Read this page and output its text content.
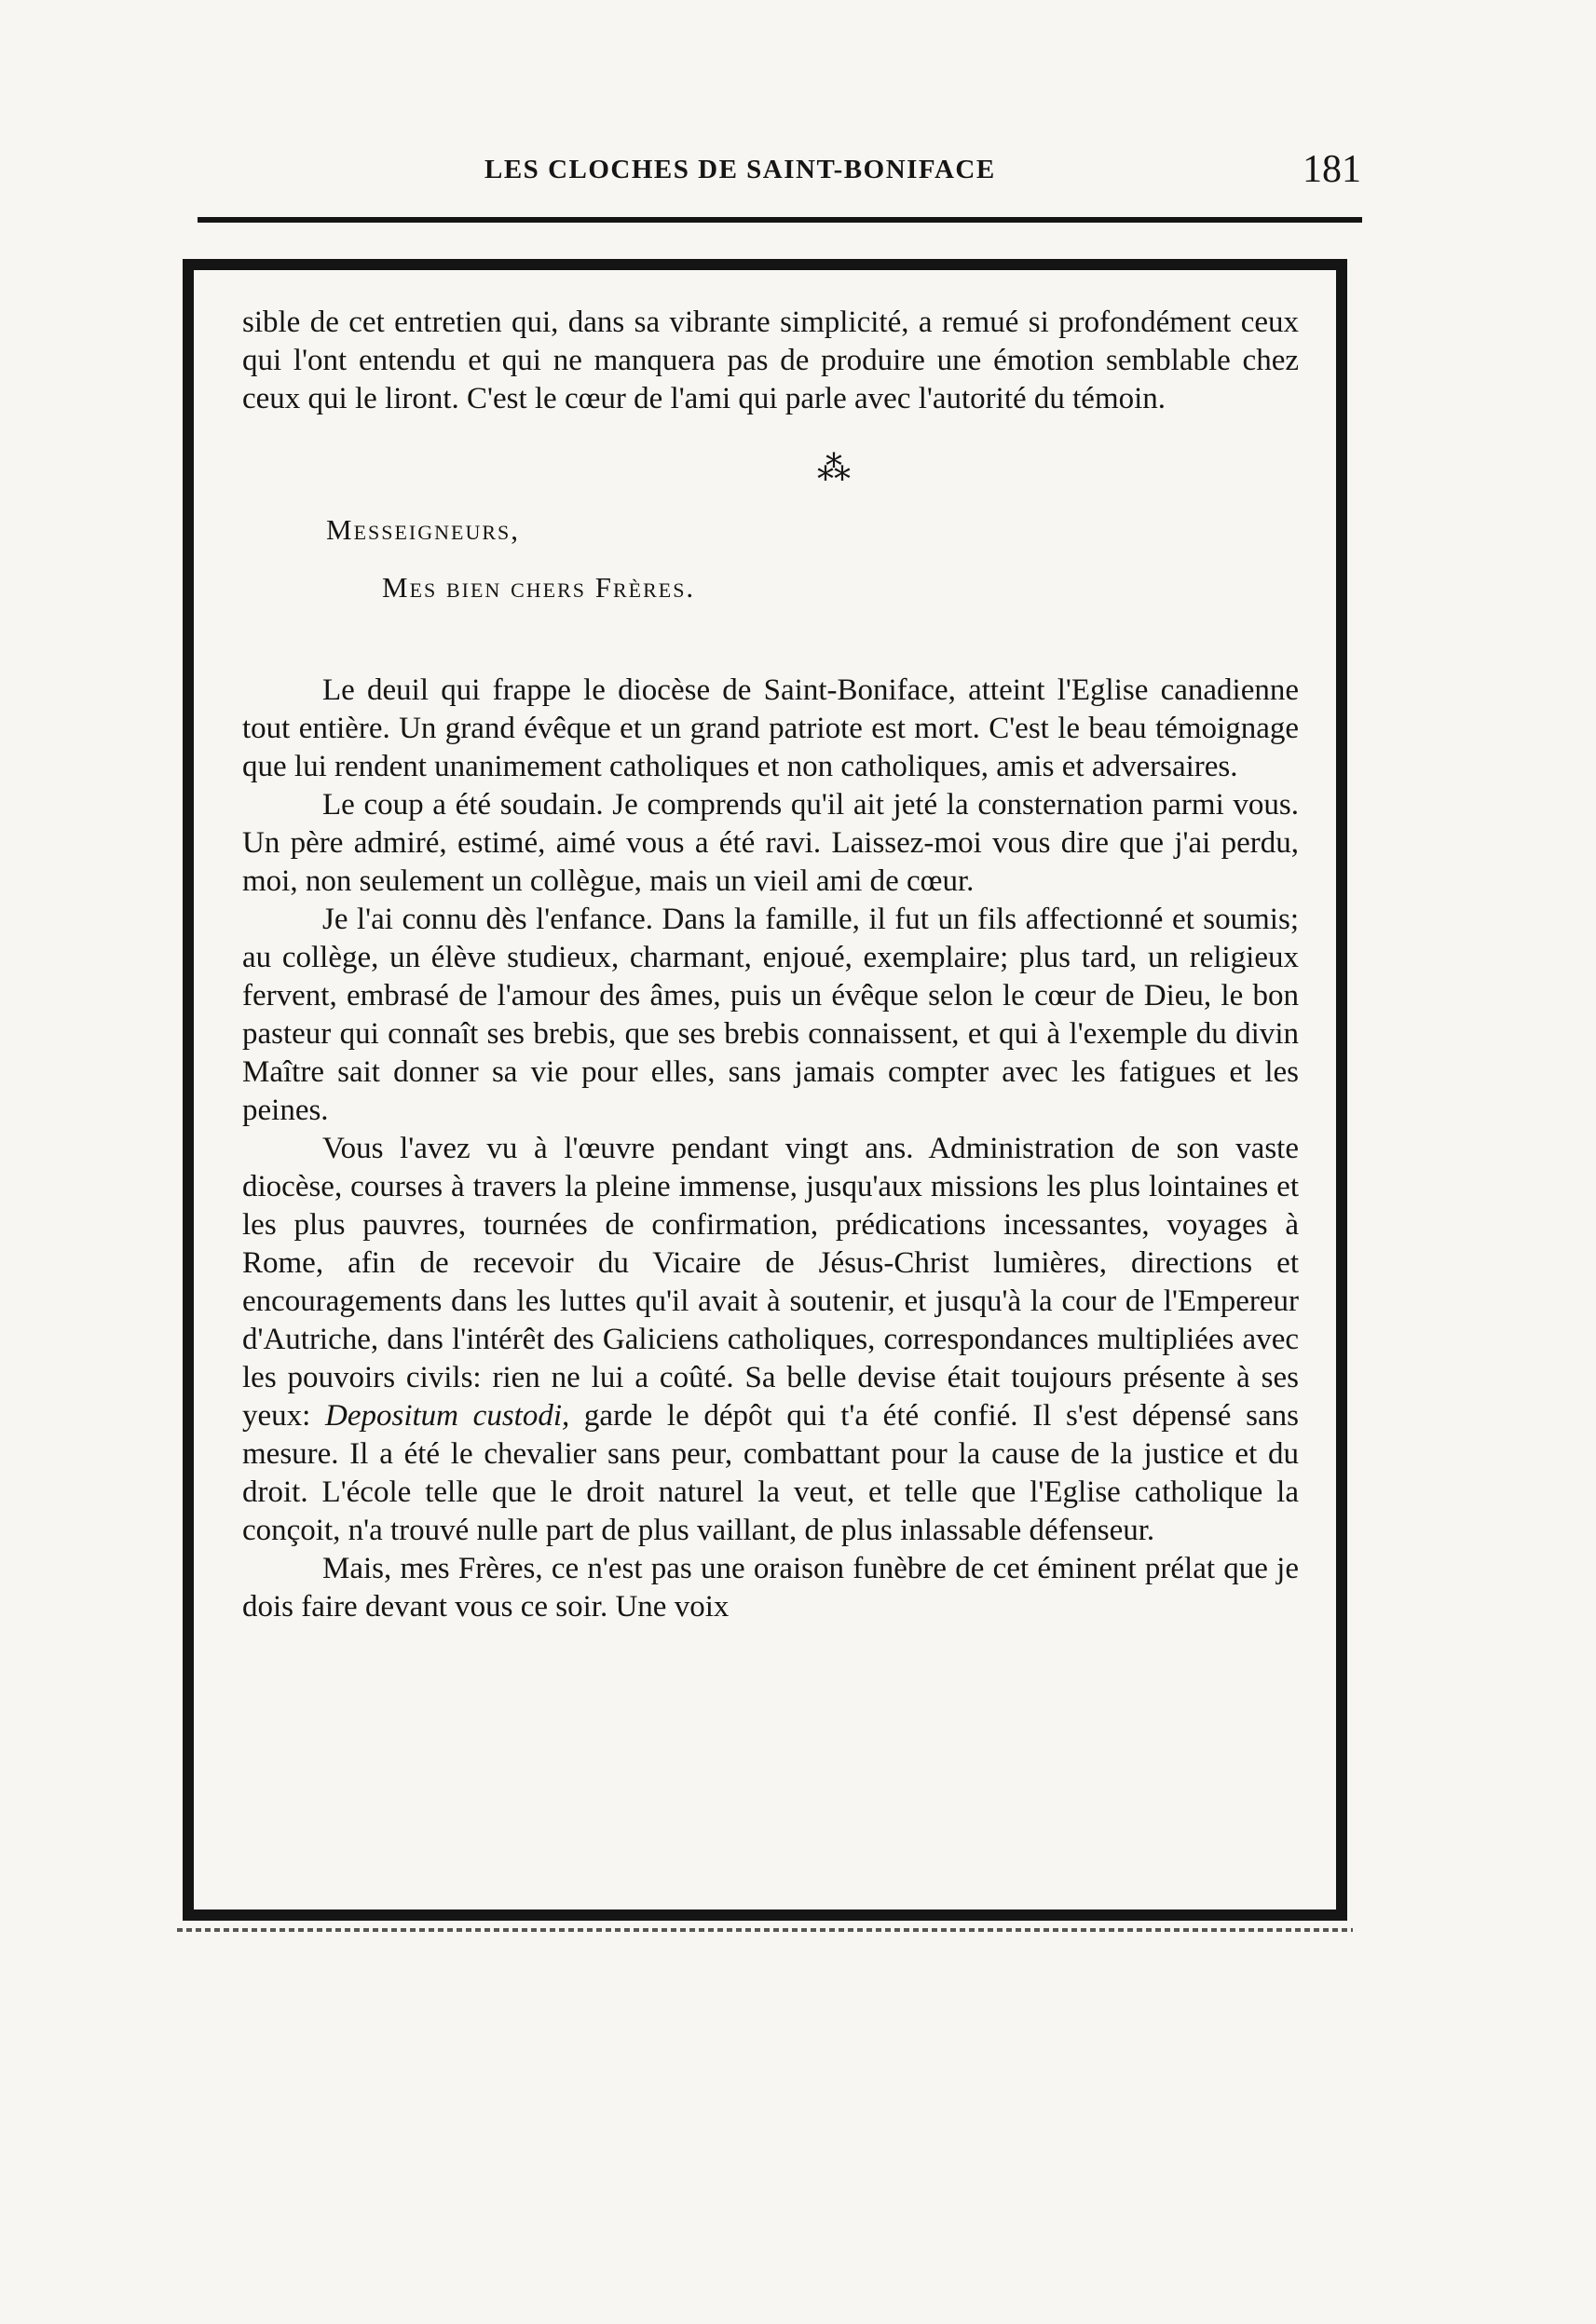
LES CLOCHES DE SAINT-BONIFACE	181

sible de cet entretien qui, dans sa vibrante simplicité, a remué si profondément ceux qui l'ont entendu et qui ne manquera pas de produire une émotion semblable chez ceux qui le liront. C'est le cœur de l'ami qui parle avec l'autorité du témoin.

⁂
Messeigneurs,
Mes bien chers Frères.

Le deuil qui frappe le diocèse de Saint-Boniface, atteint l'Eglise canadienne tout entière. Un grand évêque et un grand patriote est mort. C'est le beau témoignage que lui rendent unanimement catholiques et non catholiques, amis et adversaires.

Le coup a été soudain. Je comprends qu'il ait jeté la consternation parmi vous. Un père admiré, estimé, aimé vous a été ravi. Laissez-moi vous dire que j'ai perdu, moi, non seulement un collègue, mais un vieil ami de cœur.

Je l'ai connu dès l'enfance. Dans la famille, il fut un fils affectionné et soumis; au collège, un élève studieux, charmant, enjoué, exemplaire; plus tard, un religieux fervent, embrasé de l'amour des âmes, puis un évêque selon le cœur de Dieu, le bon pasteur qui connaît ses brebis, que ses brebis connaissent, et qui à l'exemple du divin Maître sait donner sa vie pour elles, sans jamais compter avec les fatigues et les peines.

Vous l'avez vu à l'œuvre pendant vingt ans. Administration de son vaste diocèse, courses à travers la pleine immense, jusqu'aux missions les plus lointaines et les plus pauvres, tournées de confirmation, prédications incessantes, voyages à Rome, afin de recevoir du Vicaire de Jésus-Christ lumières, directions et encouragements dans les luttes qu'il avait à soutenir, et jusqu'à la cour de l'Empereur d'Autriche, dans l'intérêt des Galiciens catholiques, correspondances multipliées avec les pouvoirs civils: rien ne lui a coûté. Sa belle devise était toujours présente à ses yeux: Depositum custodi, garde le dépôt qui t'a été confié. Il s'est dépensé sans mesure. Il a été le chevalier sans peur, combattant pour la cause de la justice et du droit. L'école telle que le droit naturel la veut, et telle que l'Eglise catholique la conçoit, n'a trouvé nulle part de plus vaillant, de plus inlassable défenseur.

Mais, mes Frères, ce n'est pas une oraison funèbre de cet éminent prélat que je dois faire devant vous ce soir. Une voix
